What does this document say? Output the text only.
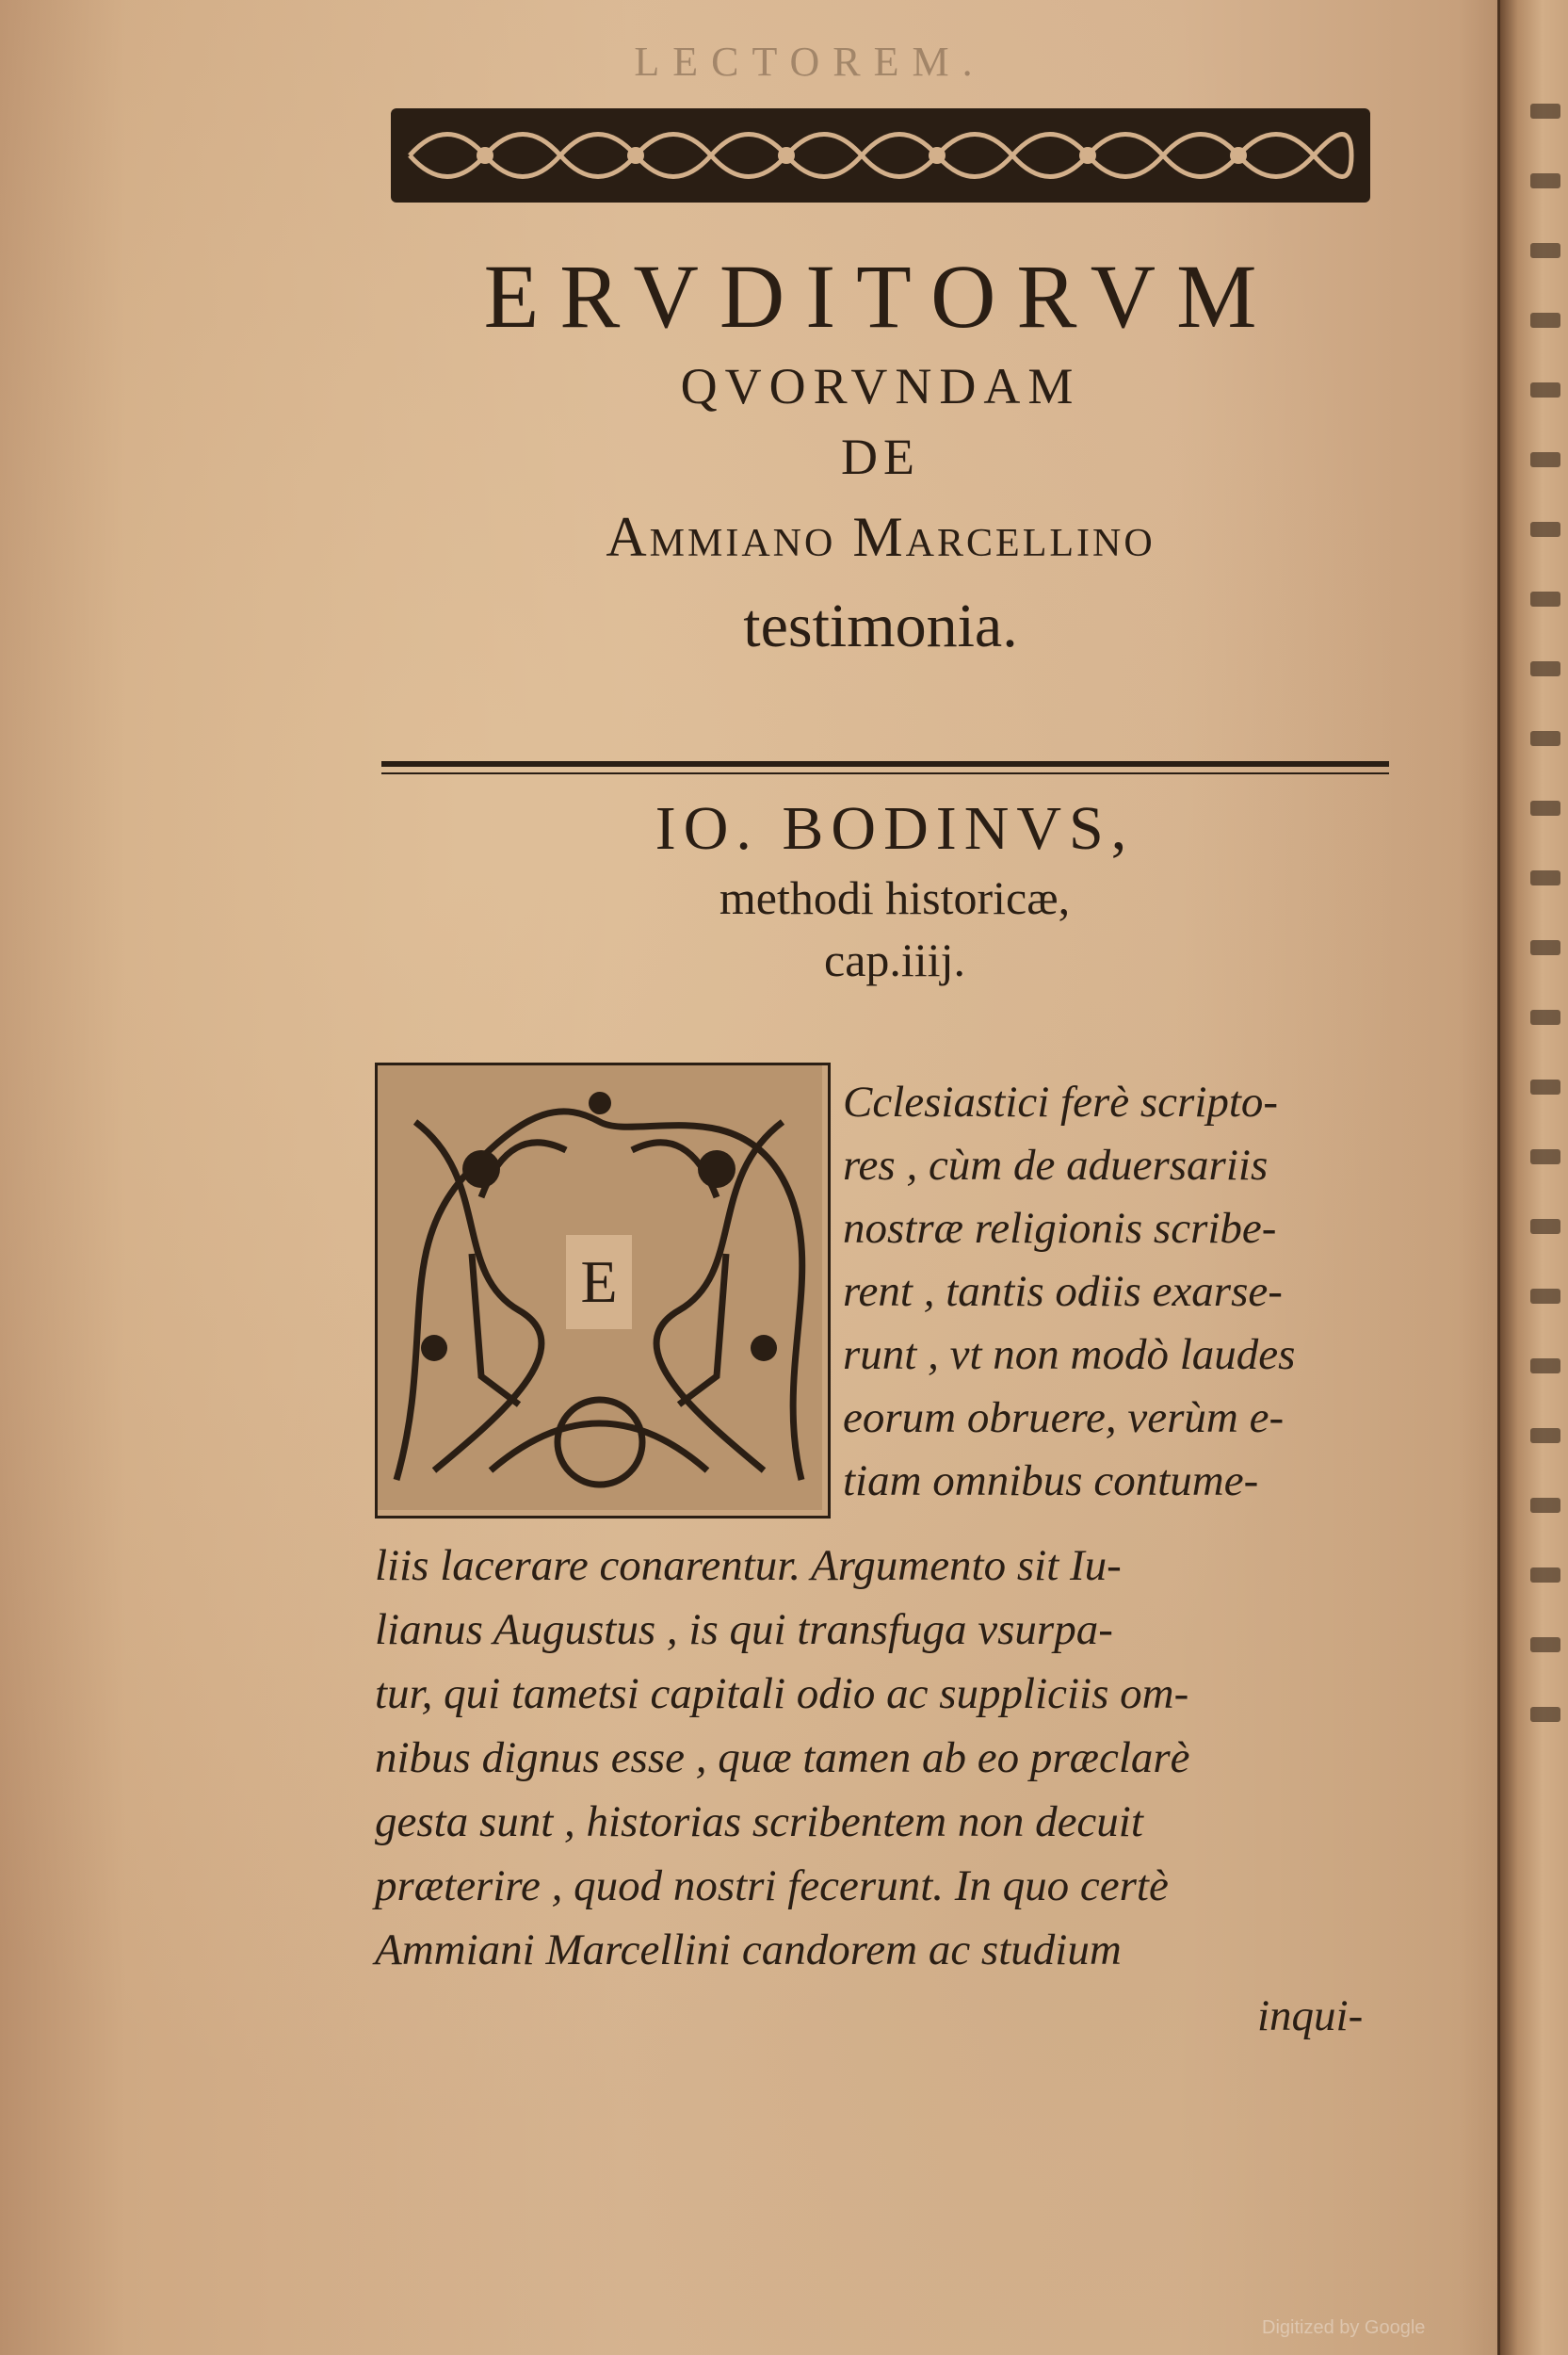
LECTOREM.

ERVDITORVM

QVORVNDAM

DE

Ammiano Marcellino

testimonia.

IO. BODINVS,

methodi historicæ,

cap.iiij.

E
Cclesiastici ferè scripto-
res , cùm de aduersariis
nostræ religionis scribe-
rent , tantis odiis exarse-
runt , vt non modò laudes
eorum obruere, verùm e-
tiam omnibus contume-
liis lacerare conarentur. Argumento sit Iu-
lianus Augustus , is qui transfuga vsurpa-
tur, qui tametsi capitali odio ac suppliciis om-
nibus dignus esse , quæ tamen ab eo præclarè
gesta sunt , historias scribentem non decuit
præterire , quod nostri fecerunt. In quo certè
Ammiani Marcellini candorem ac studium
inqui-
Digitized by Google
